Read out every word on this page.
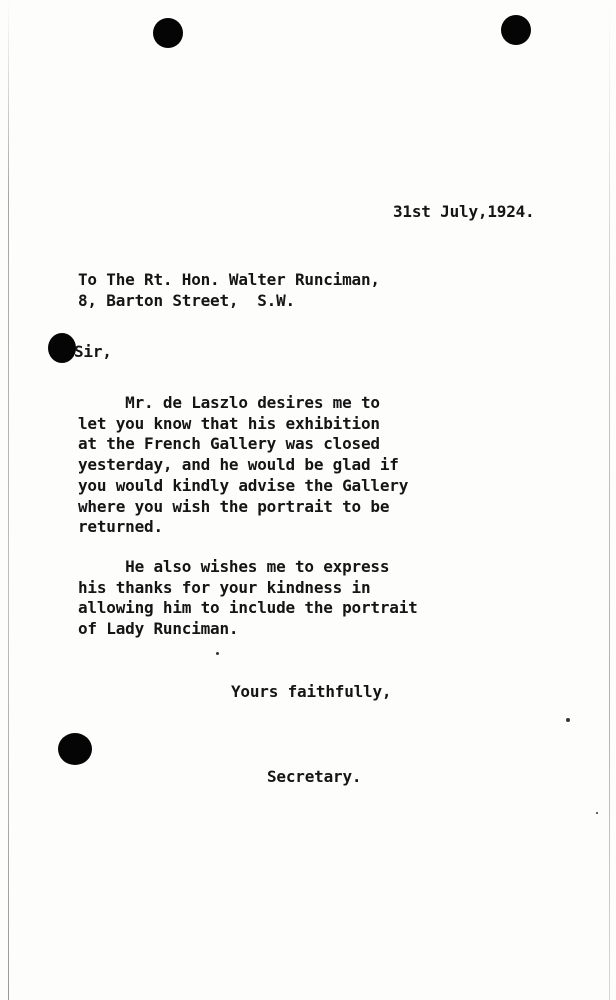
31st July,1924.
To The Rt. Hon. Walter Runciman,
8, Barton Street,  S.W.
Sir,
Mr. de Laszlo desires me to
let you know that his exhibition
at the French Gallery was closed
yesterday, and he would be glad if
you would kindly advise the Gallery
where you wish the portrait to be
returned.
He also wishes me to express
his thanks for your kindness in
allowing him to include the portrait
of Lady Runciman.
Yours faithfully,
Secretary.
